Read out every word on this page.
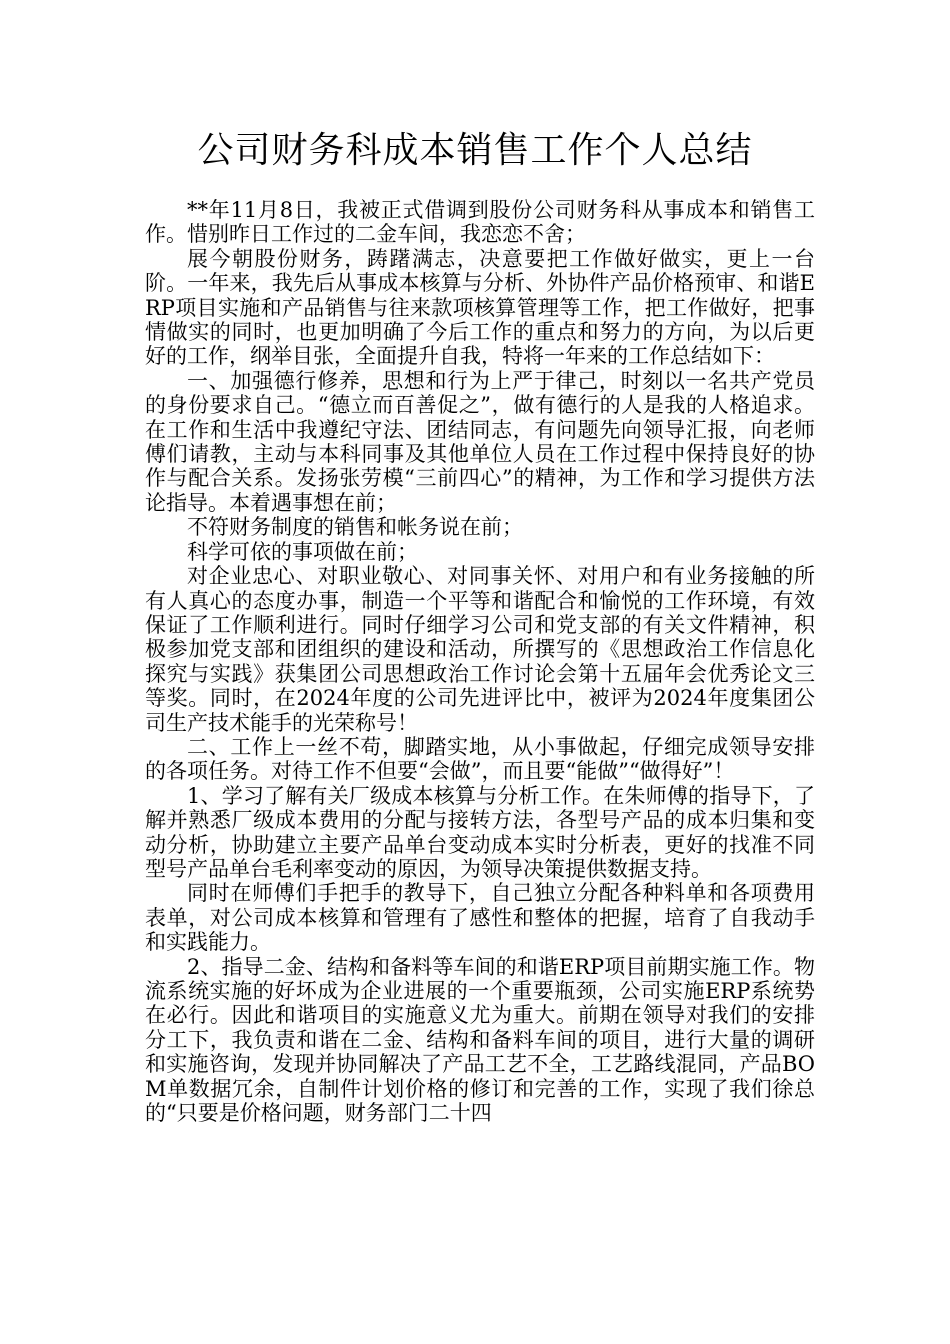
公司财务科成本销售工作个人总结

**年11月8日，我被正式借调到股份公司财务科从事成本和销售工作。惜别昨日工作过的二金车间，我恋恋不舍；

展今朝股份财务，踌躇满志，决意要把工作做好做实，更上一台阶。一年来，我先后从事成本核算与分析、外协件产品价格预审、和谐ERP项目实施和产品销售与往来款项核算管理等工作，把工作做好，把事情做实的同时，也更加明确了今后工作的重点和努力的方向，为以后更好的工作，纲举目张，全面提升自我，特将一年来的工作总结如下：

一、加强德行修养，思想和行为上严于律己，时刻以一名共产党员的身份要求自己。“德立而百善促之”，做有德行的人是我的人格追求。在工作和生活中我遵纪守法、团结同志，有问题先向领导汇报，向老师傅们请教，主动与本科同事及其他单位人员在工作过程中保持良好的协作与配合关系。发扬张劳模“三前四心”的精神，为工作和学习提供方法论指导。本着遇事想在前；

不符财务制度的销售和帐务说在前；

科学可依的事项做在前；

对企业忠心、对职业敬心、对同事关怀、对用户和有业务接触的所有人真心的态度办事，制造一个平等和谐配合和愉悦的工作环境，有效保证了工作顺利进行。同时仔细学习公司和党支部的有关文件精神，积极参加党支部和团组织的建设和活动，所撰写的《思想政治工作信息化探究与实践》获集团公司思想政治工作讨论会第十五届年会优秀论文三等奖。同时，在2024年度的公司先进评比中，被评为2024年度集团公司生产技术能手的光荣称号！

二、工作上一丝不苟，脚踏实地，从小事做起，仔细完成领导安排的各项任务。对待工作不但要“会做”，而且要“能做”“做得好”！

1、学习了解有关厂级成本核算与分析工作。在朱师傅的指导下，了解并熟悉厂级成本费用的分配与接转方法，各型号产品的成本归集和变动分析，协助建立主要产品单台变动成本实时分析表，更好的找准不同型号产品单台毛利率变动的原因，为领导决策提供数据支持。

同时在师傅们手把手的教导下，自己独立分配各种料单和各项费用表单，对公司成本核算和管理有了感性和整体的把握，培育了自我动手和实践能力。

2、指导二金、结构和备料等车间的和谐ERP项目前期实施工作。物流系统实施的好坏成为企业进展的一个重要瓶颈，公司实施ERP系统势在必行。因此和谐项目的实施意义尤为重大。前期在领导对我们的安排分工下，我负责和谐在二金、结构和备料车间的项目，进行大量的调研和实施咨询，发现并协同解决了产品工艺不全，工艺路线混同，产品BOM单数据冗余，自制件计划价格的修订和完善的工作，实现了我们徐总的“只要是价格问题，财务部门二十四
